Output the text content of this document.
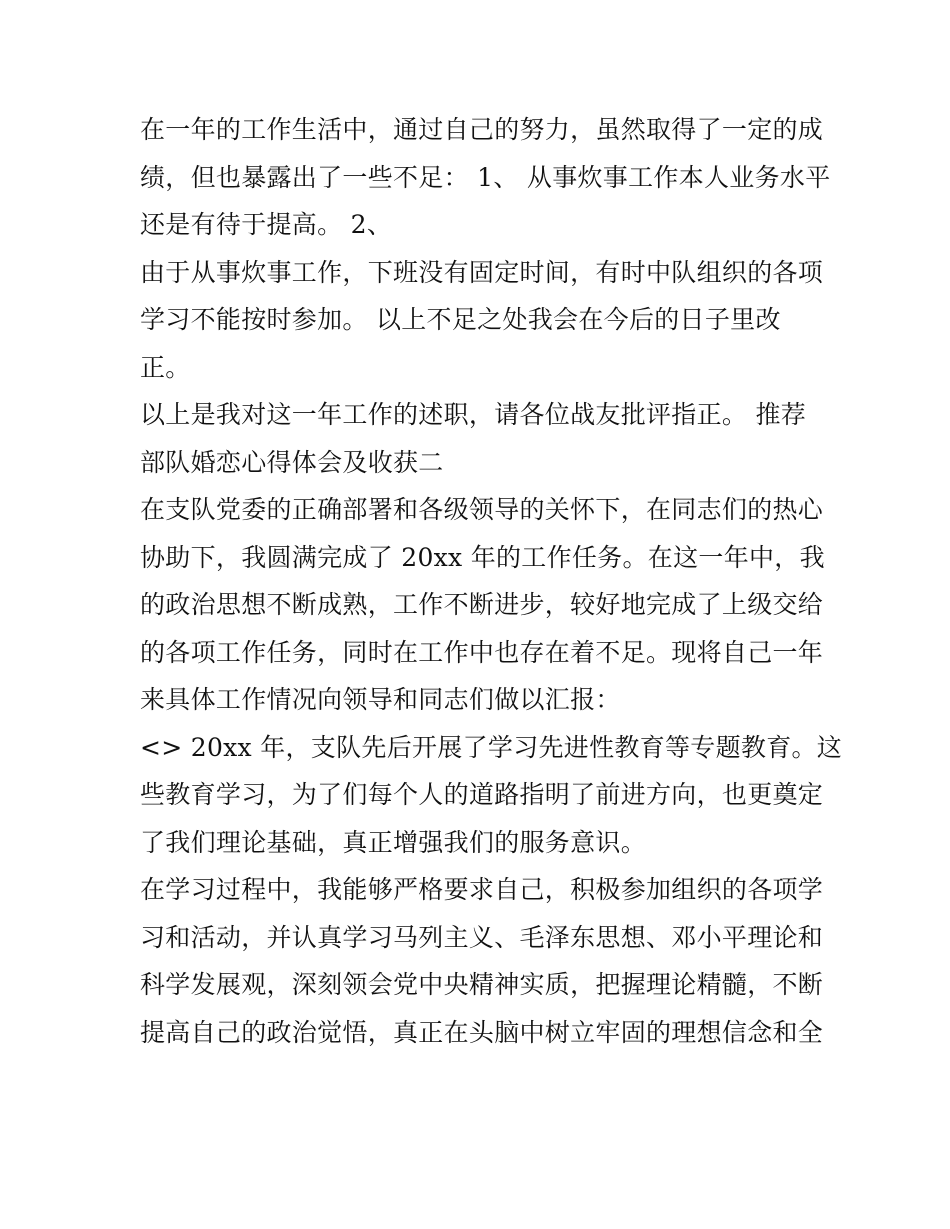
在一年的工作生活中，通过自己的努力，虽然取得了一定的成
绩，但也暴露出了一些不足： 1、 从事炊事工作本人业务水平
还是有待于提高。 2、
由于从事炊事工作，下班没有固定时间，有时中队组织的各项
学习不能按时参加。 以上不足之处我会在今后的日子里改
正。
以上是我对这一年工作的述职，请各位战友批评指正。 推荐
部队婚恋心得体会及收获二
在支队党委的正确部署和各级领导的关怀下，在同志们的热心
协助下，我圆满完成了 20xx 年的工作任务。在这一年中，我
的政治思想不断成熟，工作不断进步，较好地完成了上级交给
的各项工作任务，同时在工作中也存在着不足。现将自己一年
来具体工作情况向领导和同志们做以汇报：
<> 20xx 年，支队先后开展了学习先进性教育等专题教育。这
些教育学习，为了们每个人的道路指明了前进方向，也更奠定
了我们理论基础，真正增强我们的服务意识。
在学习过程中，我能够严格要求自己，积极参加组织的各项学
习和活动，并认真学习马列主义、毛泽东思想、邓小平理论和
科学发展观，深刻领会党中央精神实质，把握理论精髓，不断
提高自己的政治觉悟，真正在头脑中树立牢固的理想信念和全
